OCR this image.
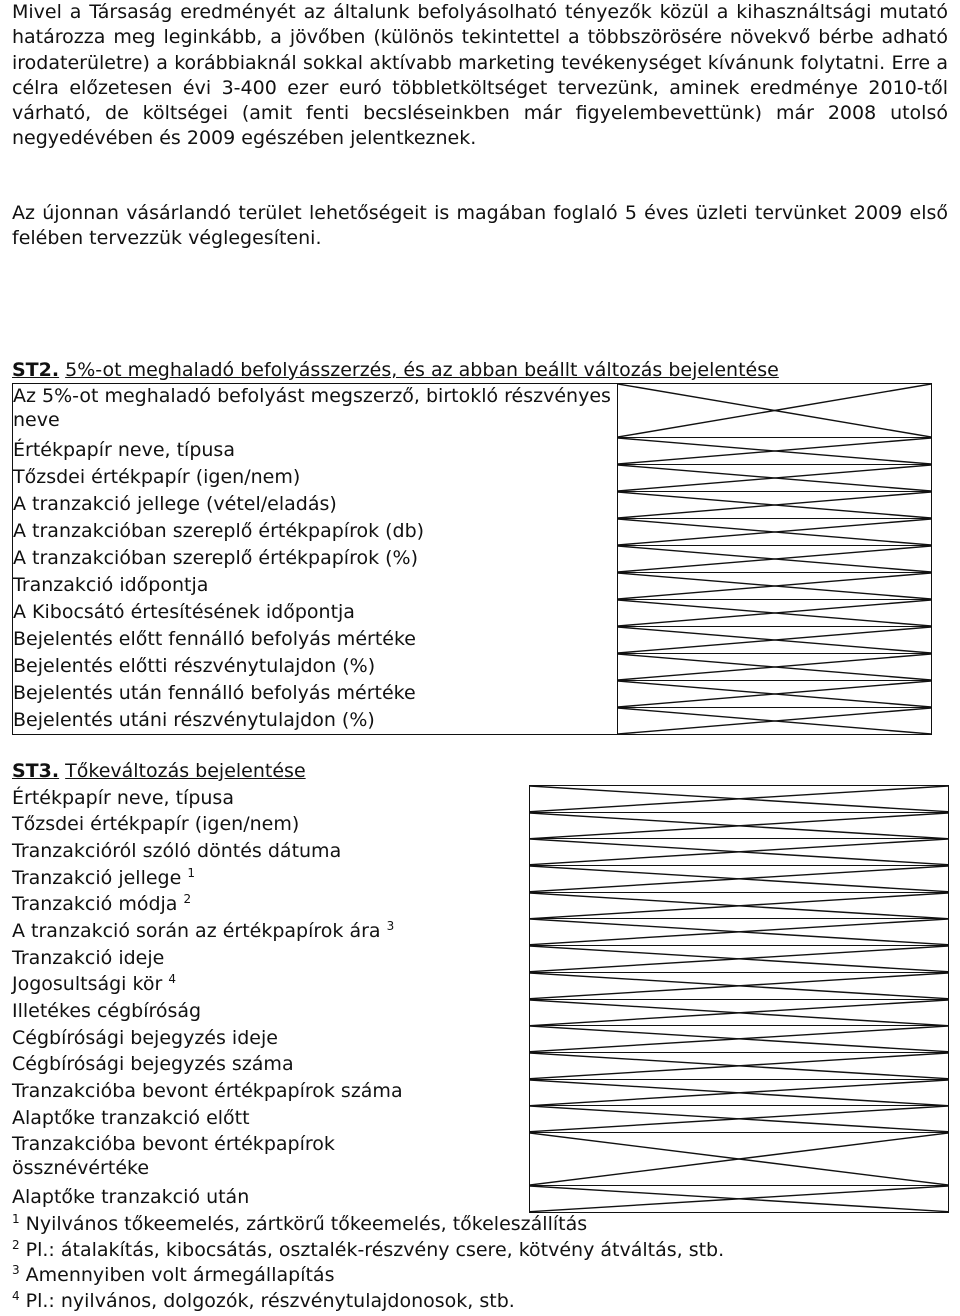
Mivel a Társaság eredményét az általunk befolyásolható tényezők közül a kihasználtsági mutató határozza meg leginkább, a jövőben (különös tekintettel a többszörösére növekvő bérbe adható irodaterületre) a korábbiaknál sokkal aktívabb marketing tevékenységet kívánunk folytatni. Erre a célra előzetesen évi 3-400 ezer euró többletköltséget tervezünk, aminek eredménye 2010-től várható, de költségei (amit fenti becsléseinkben már figyelembevettünk) már 2008 utolsó negyedévében és 2009 egészében jelentkeznek.

Az újonnan vásárlandó terület lehetőségeit is magában foglaló 5 éves üzleti tervünket 2009 első felében tervezzük véglegesíteni.

ST2. 5%-ot meghaladó befolyásszerzés, és az abban beállt változás bejelentése
Az 5%-ot meghaladó befolyást megszerző, birtokló részvényes neve	

Értékpapír neve, típusa	

Tőzsdei értékpapír (igen/nem)	

A tranzakció jellege (vétel/eladás)	

A tranzakcióban szereplő értékpapírok (db)	

A tranzakcióban szereplő értékpapírok (%)	

Tranzakció időpontja	

A Kibocsátó értesítésének időpontja	

Bejelentés előtt fennálló befolyás mértéke	

Bejelentés előtti részvénytulajdon (%)	

Bejelentés után fennálló befolyás mértéke	

Bejelentés utáni részvénytulajdon (%)	
ST3. Tőkeváltozás bejelentése
Értékpapír neve, típusa	

Tőzsdei értékpapír (igen/nem)	

Tranzakcióról szóló döntés dátuma	

Tranzakció jellege $^1$	

Tranzakció módja $^2$	

A tranzakció során az értékpapírok ára $^3$	

Tranzakció ideje	

Jogosultsági kör $^4$	

Illetékes cégbíróság	

Cégbírósági bejegyzés ideje	

Cégbírósági bejegyzés száma	

Tranzakcióba bevont értékpapírok száma	

Alaptőke tranzakció előtt	

Tranzakcióba bevont értékpapírok össznévértéke	

Alaptőke tranzakció után	
$^1$ Nyilvános tőkeemelés, zártkörű tőkeemelés, tőkeleszállítás
$^2$ Pl.: átalakítás, kibocsátás, osztalék-részvény csere, kötvény átváltás, stb.
$^3$ Amennyiben volt ármegállapítás
$^4$ Pl.: nyilvános, dolgozók, részvénytulajdonosok, stb.
